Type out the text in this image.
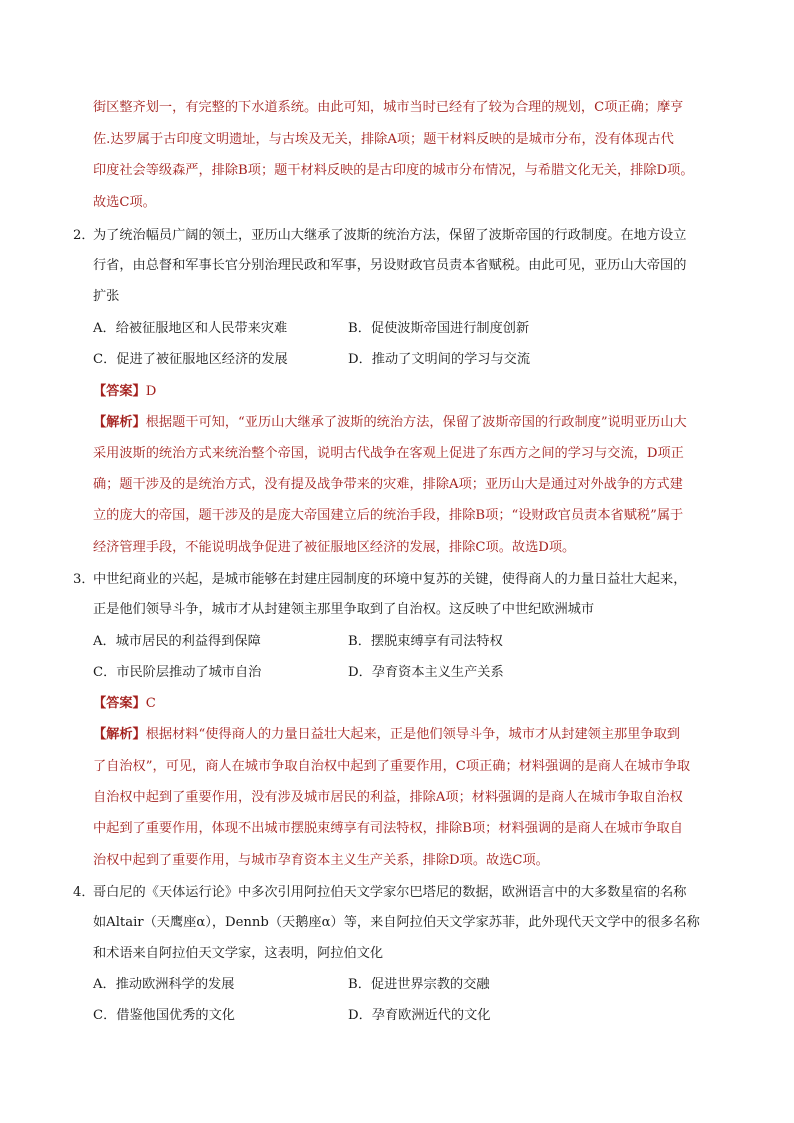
街区整齐划一，有完整的下水道系统。由此可知，城市当时已经有了较为合理的规划，C项正确；摩亨
佐.达罗属于古印度文明遗址，与古埃及无关，排除A项；题干材料反映的是城市分布，没有体现古代
印度社会等级森严，排除B项；题干材料反映的是古印度的城市分布情况，与希腊文化无关，排除D项。
故选C项。
2．
为了统治幅员广阔的领土，亚历山大继承了波斯的统治方法，保留了波斯帝国的行政制度。在地方设立
行省，由总督和军事长官分别治理民政和军事，另设财政官员责本省赋税。由此可见，亚历山大帝国的
扩张
A．给被征服地区和人民带来灾难	B．促使波斯帝国进行制度创新
C．促进了被征服地区经济的发展	D．推动了文明间的学习与交流
【答案】D
【解析】根据题干可知，“亚历山大继承了波斯的统治方法，保留了波斯帝国的行政制度”说明亚历山大
采用波斯的统治方式来统治整个帝国，说明古代战争在客观上促进了东西方之间的学习与交流，D项正
确；题干涉及的是统治方式，没有提及战争带来的灾难，排除A项；亚历山大是通过对外战争的方式建
立的庞大的帝国，题干涉及的是庞大帝国建立后的统治手段，排除B项；“设财政官员责本省赋税”属于
经济管理手段，不能说明战争促进了被征服地区经济的发展，排除C项。故选D项。
3．
中世纪商业的兴起，是城市能够在封建庄园制度的环境中复苏的关键，使得商人的力量日益壮大起来，
正是他们领导斗争，城市才从封建领主那里争取到了自治权。这反映了中世纪欧洲城市
A．城市居民的利益得到保障	B．摆脱束缚享有司法特权
C．市民阶层推动了城市自治	D．孕育资本主义生产关系
【答案】C
【解析】根据材料“使得商人的力量日益壮大起来，正是他们领导斗争，城市才从封建领主那里争取到
了自治权”，可见，商人在城市争取自治权中起到了重要作用，C项正确；材料强调的是商人在城市争取
自治权中起到了重要作用，没有涉及城市居民的利益，排除A项；材料强调的是商人在城市争取自治权
中起到了重要作用，体现不出城市摆脱束缚享有司法特权，排除B项；材料强调的是商人在城市争取自
治权中起到了重要作用，与城市孕育资本主义生产关系，排除D项。故选C项。
4．
哥白尼的《天体运行论》中多次引用阿拉伯天文学家尔巴塔尼的数据，欧洲语言中的大多数星宿的名称
如Altair（天鹰座α），Dennb（天鹅座α）等，来自阿拉伯天文学家苏菲，此外现代天文学中的很多名称
和术语来自阿拉伯天文学家，这表明，阿拉伯文化
A．推动欧洲科学的发展	B．促进世界宗教的交融
C．借鉴他国优秀的文化	D．孕育欧洲近代的文化
